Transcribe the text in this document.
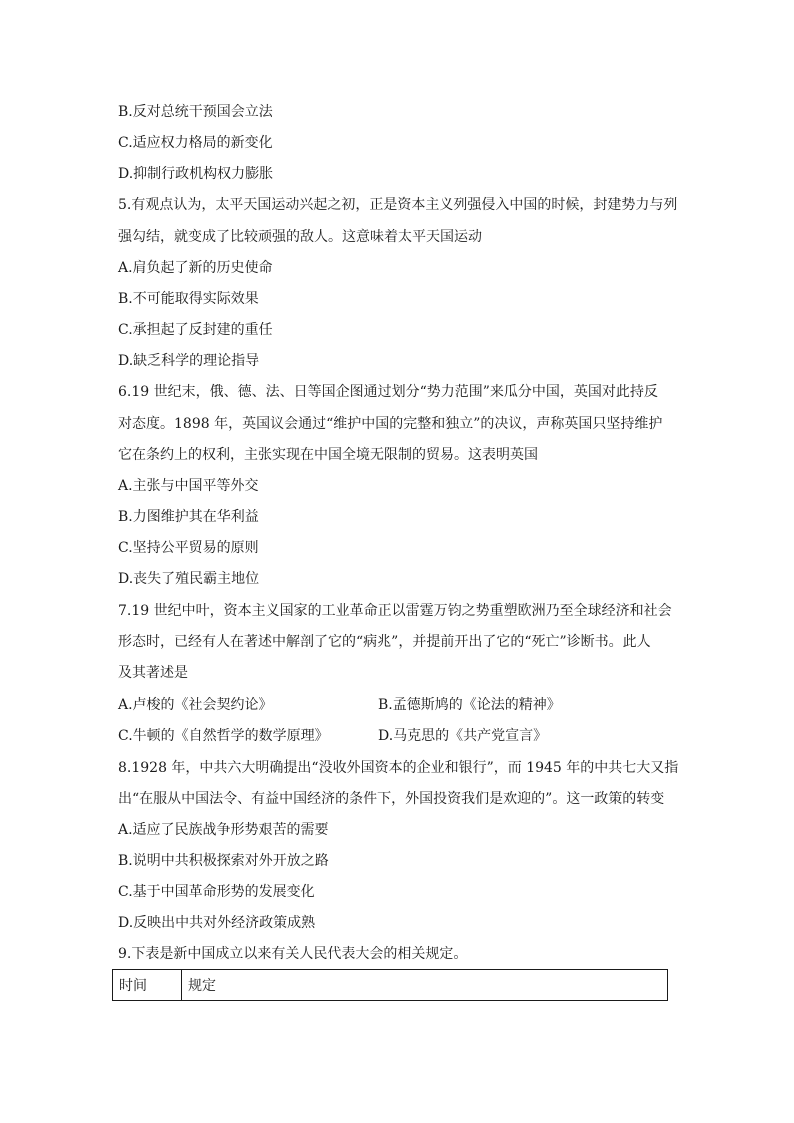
B.反对总统干预国会立法
C.适应权力格局的新变化
D.抑制行政机构权力膨胀
5.有观点认为，太平天国运动兴起之初，正是资本主义列强侵入中国的时候，封建势力与列
强勾结，就变成了比较顽强的敌人。这意味着太平天国运动
A.肩负起了新的历史使命
B.不可能取得实际效果
C.承担起了反封建的重任
D.缺乏科学的理论指导
6.19 世纪末，俄、德、法、日等国企图通过划分“势力范围”来瓜分中国，英国对此持反
对态度。1898 年，英国议会通过“维护中国的完整和独立”的决议，声称英国只坚持维护
它在条约上的权利，主张实现在中国全境无限制的贸易。这表明英国
A.主张与中国平等外交
B.力图维护其在华利益
C.坚持公平贸易的原则
D.丧失了殖民霸主地位
7.19 世纪中叶，资本主义国家的工业革命正以雷霆万钧之势重塑欧洲乃至全球经济和社会
形态时，已经有人在著述中解剖了它的“病兆”，并提前开出了它的“死亡”诊断书。此人
及其著述是
A.卢梭的《社会契约论》	B.孟德斯鸠的《论法的精神》
C.牛顿的《自然哲学的数学原理》	D.马克思的《共产党宣言》
8.1928 年，中共六大明确提出“没收外国资本的企业和银行”，而 1945 年的中共七大又指
出“在服从中国法令、有益中国经济的条件下，外国投资我们是欢迎的”。这一政策的转变
A.适应了民族战争形势艰苦的需要
B.说明中共积极探索对外开放之路
C.基于中国革命形势的发展变化
D.反映出中共对外经济政策成熟
9.下表是新中国成立以来有关人民代表大会的相关规定。
时间	规定
